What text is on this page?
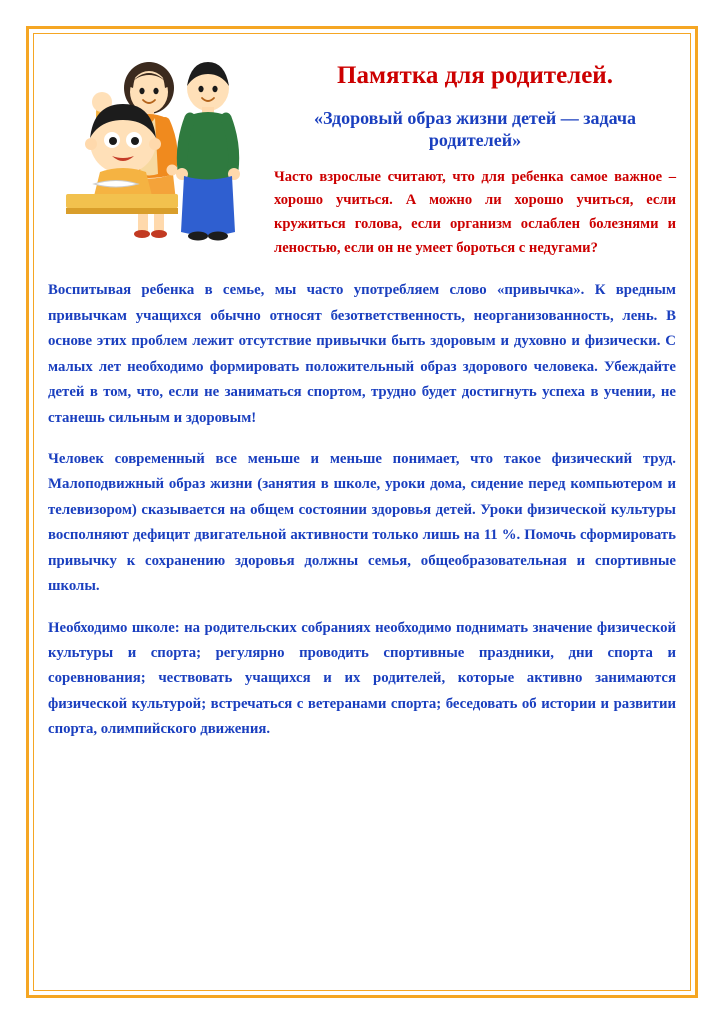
Памятка для родителей.
«Здоровый образ жизни детей — задача родителей»

Часто взрослые считают, что для ребенка самое важное – хорошо учиться. А можно ли хорошо учиться, если кружиться голова, если организм ослаблен болезнями и леностью, если он не умеет бороться с недугами?

Воспитывая ребенка в семье, мы часто употребляем слово «привычка». К вредным привычкам учащихся обычно относят безответственность, неорганизованность, лень. В основе этих проблем лежит отсутствие привычки быть здоровым и духовно и физически. С малых лет необходимо формировать положительный образ здорового человека. Убеждайте детей в том, что, если не заниматься спортом, трудно будет достигнуть успеха в учении, не станешь сильным и здоровым!

Человек современный все меньше и меньше понимает, что такое физический труд. Малоподвижный образ жизни (занятия в школе, уроки дома, сидение перед компьютером и телевизором) сказывается на общем состоянии здоровья детей. Уроки физической культуры восполняют дефицит двигательной активности только лишь на 11 %. Помочь сформировать привычку к сохранению здоровья должны семья, общеобразовательная и спортивные школы.

Необходимо школе: на родительских собраниях необходимо поднимать значение физической культуры и спорта; регулярно проводить спортивные праздники, дни спорта и соревнования; чествовать учащихся и их родителей, которые активно занимаются физической культурой; встречаться с ветеранами спорта; беседовать об истории и развитии спорта, олимпийского движения.
